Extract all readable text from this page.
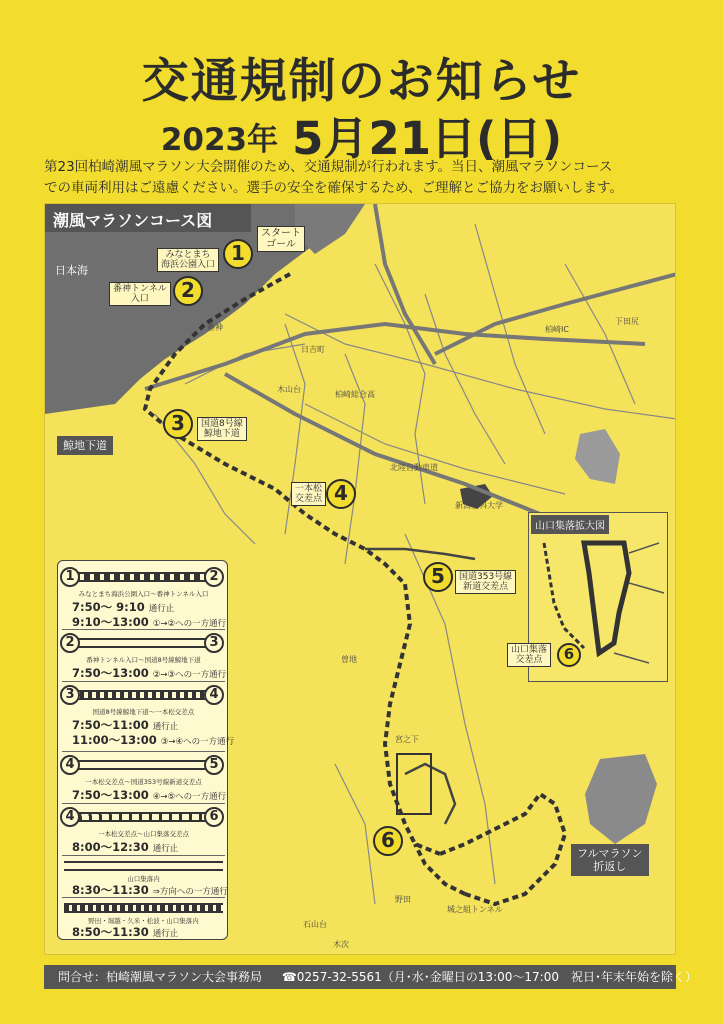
交通規制のお知らせ
2023年 5月21日(日)
第23回柏崎潮風マラソン大会開催のため、交通規制が行われます。当日、潮風マラソンコース
での車両利用はご遠慮ください。選手の安全を確保するため、ご理解とご協力をお願いします。
潮風マラソンコース図
日本海
1
2
3
4
5
6
スタート
ゴール
みなとまち
海浜公園入口
番神トンネル
入口
国道8号線
鯨地下道
鯨地下道
一本松
交差点
国道353号線
新道交差点
フルマラソン
折返し
柏崎IC
北陸自動車道
柏崎総合高
新潟工科大学
下田尻
番神
木山台
日吉町
宮之下
野田
石山台
木次
曽地
城之組トンネル
山口集落拡大図
6
山口集落
交差点
1	2
みなとまち海浜公園入口〜番神トンネル入口
7:50〜 9:10 通行止
9:10〜13:00 ①→②への一方通行
2	3
番神トンネル入口〜国道8号線鯨地下道
7:50〜13:00 ②→③への一方通行
3	4
国道8号線鯨地下道〜一本松交差点
7:50〜11:00 通行止
11:00〜13:00 ③→④への一方通行
4	5
一本松交差点〜国道353号線新道交差点
7:50〜13:00 ④→⑤への一方通行
4	6
一本松交差点〜山口集落交差点
8:00〜12:30 通行止
山口集落内
8:30〜11:30 ⇒方向への一方通行
野田・堀越・久米・松波・山口集落内
8:50〜11:30 通行止
問合せ：柏崎潮風マラソン大会事務局 ☎0257-32-5561（月･水･金曜日の13:00〜17:00　祝日･年末年始を除く）
